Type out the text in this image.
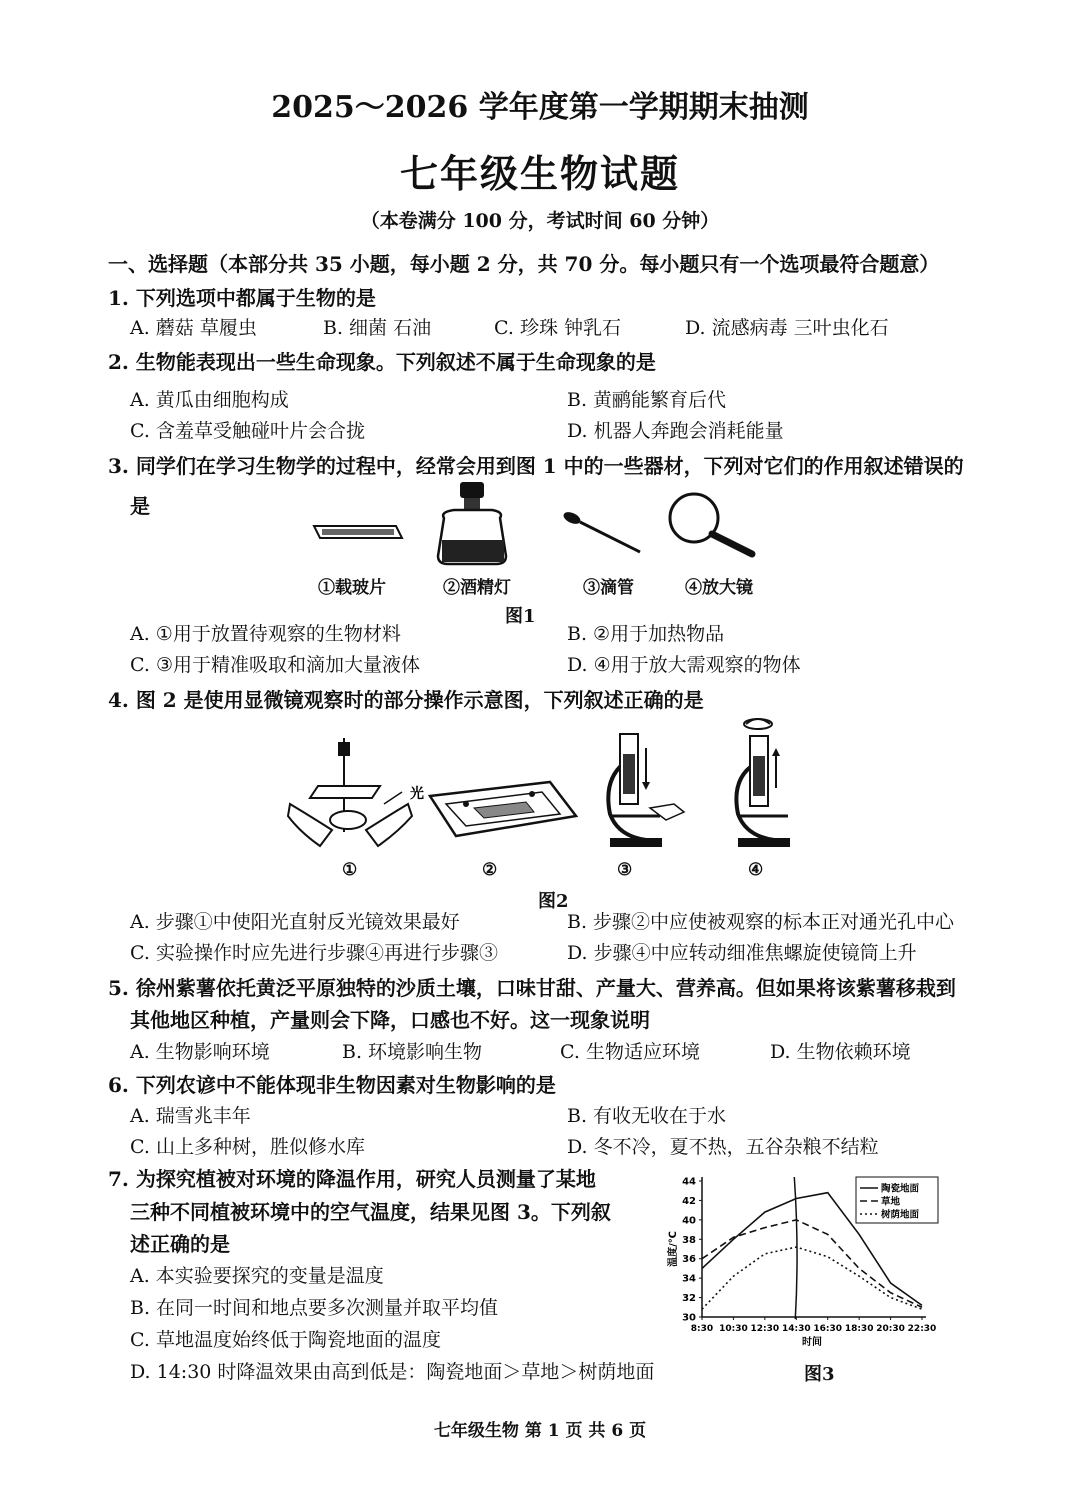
2025～2026 学年度第一学期期末抽测
七年级生物试题
（本卷满分 100 分，考试时间 60 分钟）
一、选择题（本部分共 35 小题，每小题 2 分，共 70 分。每小题只有一个选项最符合题意）
1. 下列选项中都属于生物的是
A. 蘑菇 草履虫	B. 细菌 石油	C. 珍珠 钟乳石	D. 流感病毒 三叶虫化石
2. 生物能表现出一些生命现象。下列叙述不属于生命现象的是
A. 黄瓜由细胞构成	B. 黄鹂能繁育后代
C. 含羞草受触碰叶片会合拢	D. 机器人奔跑会消耗能量
3. 同学们在学习生物学的过程中，经常会用到图 1 中的一些器材，下列对它们的作用叙述错误的
是
①载玻片	②酒精灯	③滴管	④放大镜
图1
A. ①用于放置待观察的生物材料	B. ②用于加热物品
C. ③用于精准吸取和滴加大量液体	D. ④用于放大需观察的物体
4. 图 2 是使用显微镜观察时的部分操作示意图，下列叙述正确的是
光
①	②	③	④
图2
A. 步骤①中使阳光直射反光镜效果最好	B. 步骤②中应使被观察的标本正对通光孔中心
C. 实验操作时应先进行步骤④再进行步骤③	D. 步骤④中应转动细准焦螺旋使镜筒上升
5. 徐州紫薯依托黄泛平原独特的沙质土壤，口味甘甜、产量大、营养高。但如果将该紫薯移栽到
其他地区种植，产量则会下降，口感也不好。这一现象说明
A. 生物影响环境	B. 环境影响生物	C. 生物适应环境	D. 生物依赖环境
6. 下列农谚中不能体现非生物因素对生物影响的是
A. 瑞雪兆丰年	B. 有收无收在于水
C. 山上多种树，胜似修水库	D. 冬不冷，夏不热，五谷杂粮不结粒
7. 为探究植被对环境的降温作用，研究人员测量了某地
三种不同植被环境中的空气温度，结果见图 3。下列叙
述正确的是
A. 本实验要探究的变量是温度
B. 在同一时间和地点要多次测量并取平均值
C. 草地温度始终低于陶瓷地面的温度
D. 14:30 时降温效果由高到低是：陶瓷地面＞草地＞树荫地面
30
32
34
36
38
40
42
44
8:30 10:30 12:30 14:30 16:30 18:30 20:30 22:30
时间
温度/℃
陶瓷地面
草地
树荫地面
图3
七年级生物 第 1 页 共 6 页
